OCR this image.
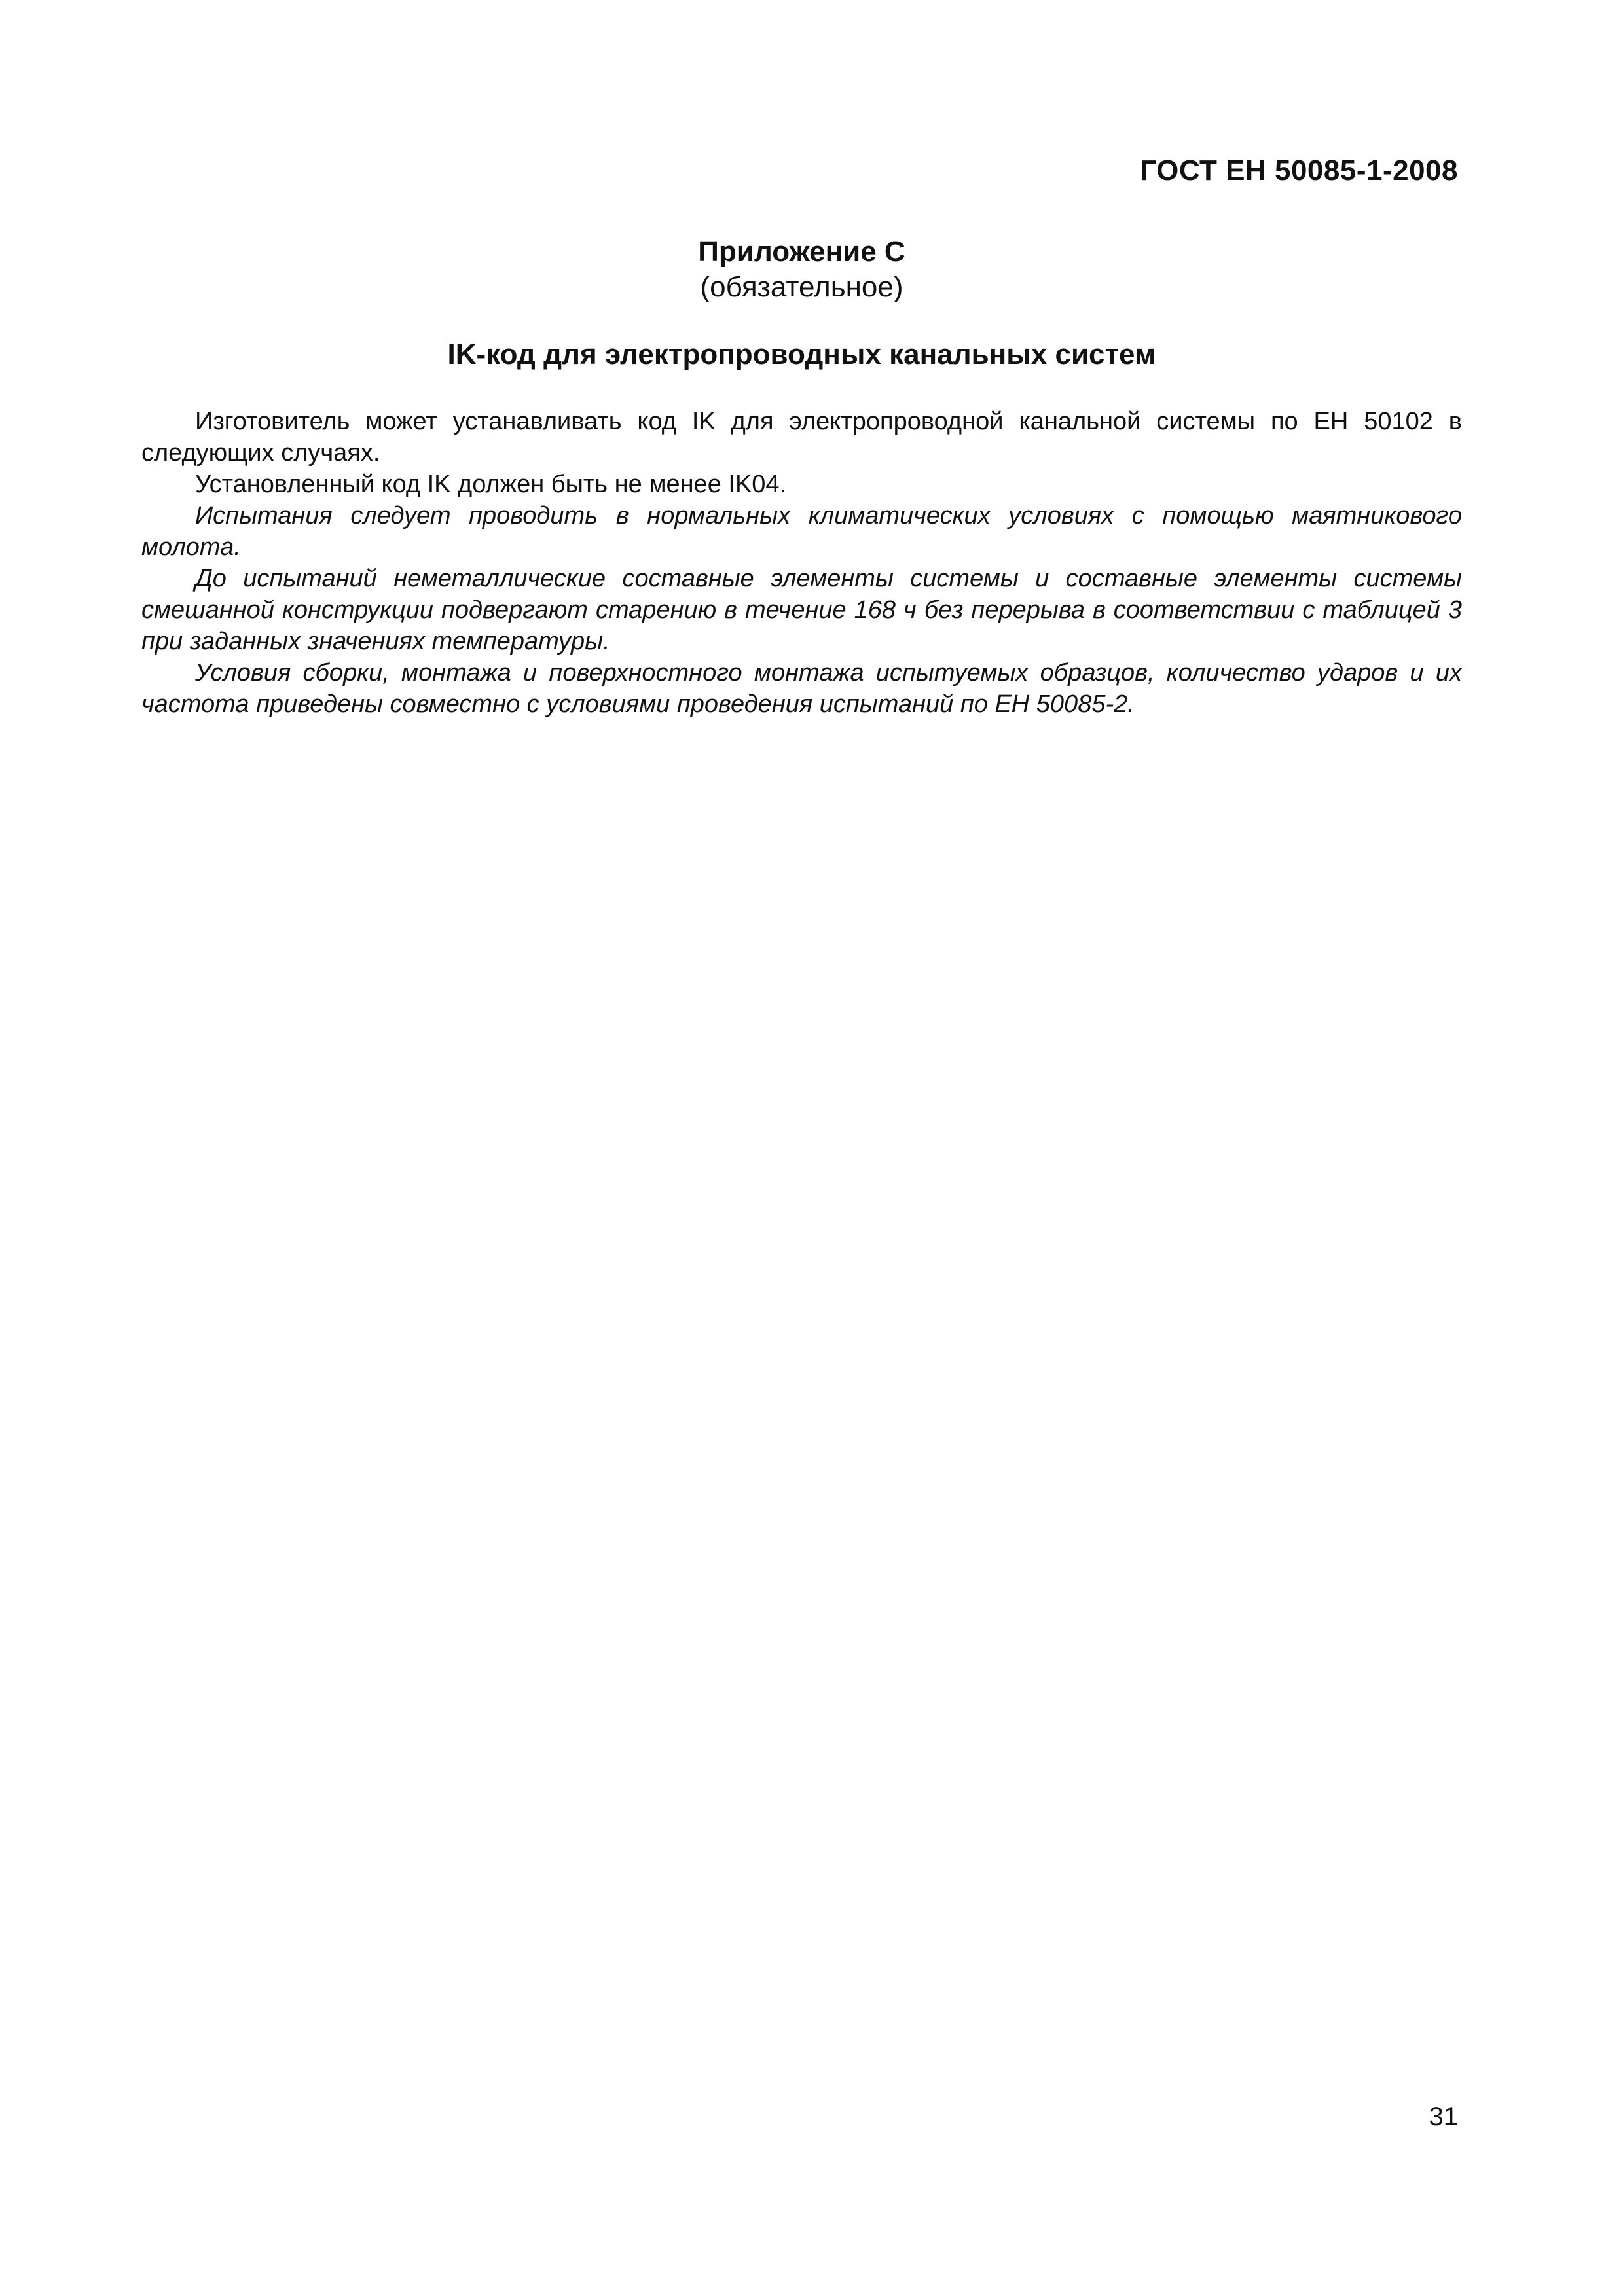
ГОСТ ЕН 50085-1-2008
Приложение С
(обязательное)
IK-код для электропроводных канальных систем

Изготовитель может устанавливать код IK для электропроводной канальной системы по ЕН 50102 в следующих случаях.

Установленный код IK должен быть не менее IK04.

Испытания следует проводить в нормальных климатических условиях с помощью маятникового молота.

До испытаний неметаллические составные элементы системы и составные элементы системы смешанной конструкции подвергают старению в течение 168 ч без перерыва в соответствии с таблицей 3 при заданных значениях температуры.

Условия сборки, монтажа и поверхностного монтажа испытуемых образцов, количество ударов и их частота приведены совместно с условиями проведения испытаний по ЕН 50085-2.

31
